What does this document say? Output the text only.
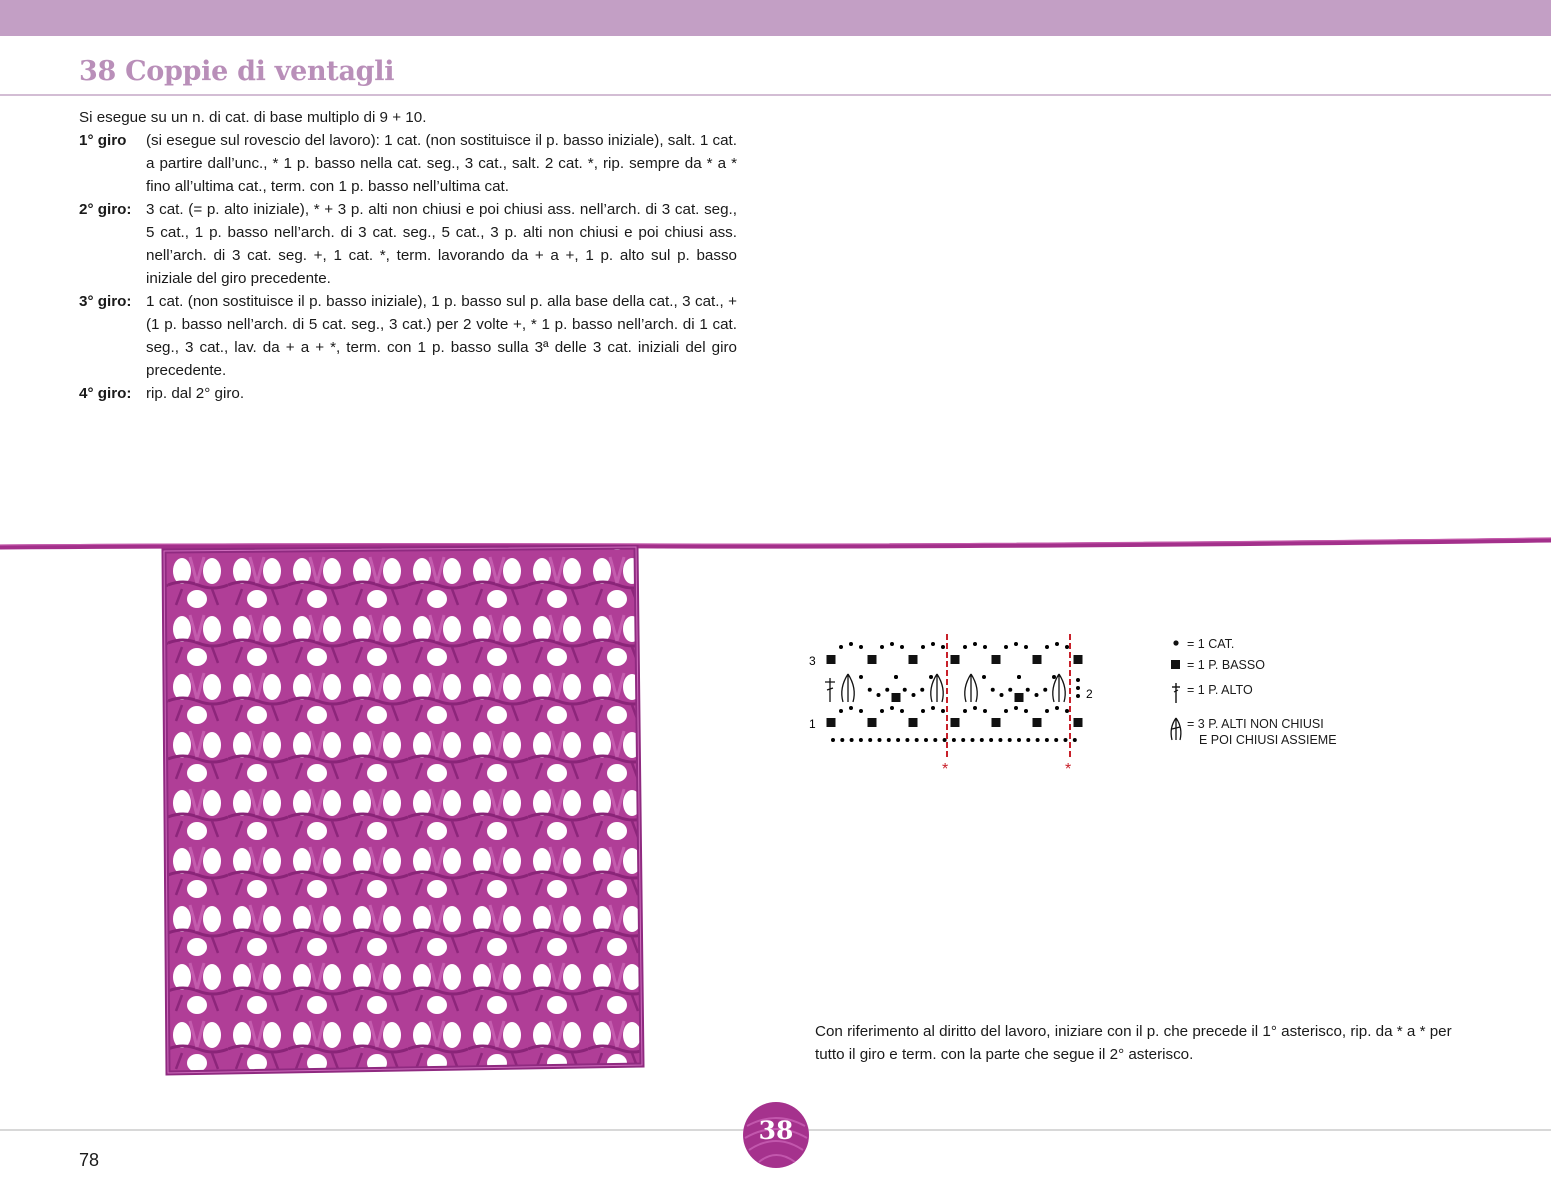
38 Coppie di ventagli

Si esegue su un n. di cat. di base multiplo di 9 + 10.

1° giro	(si esegue sul rovescio del lavoro): 1 cat. (non sostituisce il p. basso iniziale), salt. 1 cat. a partire dall’unc., * 1 p. basso nella cat. seg., 3 cat., salt. 2 cat. *, rip. sempre da * a * fino all’ultima cat., term. con 1 p. basso nell’ultima cat.
2° giro: 3 cat. (= p. alto iniziale), * + 3 p. alti non chiusi e poi chiusi ass. nell’arch. di 3 cat. seg., 5 cat., 1 p. basso nell’arch. di 3 cat. seg., 5 cat., 3 p. alti non chiusi e poi chiusi ass. nell’arch. di 3 cat. seg. +, 1 cat. *, term. lavorando da + a +, 1 p. alto sul p. basso iniziale del giro precedente.
3° giro: 1 cat. (non sostituisce il p. basso iniziale), 1 p. basso sul p. alla base della cat., 3 cat., + (1 p. basso nell’arch. di 5 cat. seg., 3 cat.) per 2 volte +, * 1 p. basso nell’arch. di 1 cat. seg., 3 cat., lav. da + a + *, term. con 1 p. basso sulla 3ª delle 3 cat. iniziali del giro precedente.
4° giro: rip. dal 2° giro.
*	*
3
2
1
= 1 CAT.
= 1 P. BASSO
= 1 P. ALTO
= 3 P. ALTI NON CHIUSI
E POI CHIUSI ASSIEME

Con riferimento al diritto del lavoro, iniziare con il p. che precede il 1° asterisco, rip. da * a * per tutto il giro e term. con la parte che segue il 2° asterisco.

38

78
